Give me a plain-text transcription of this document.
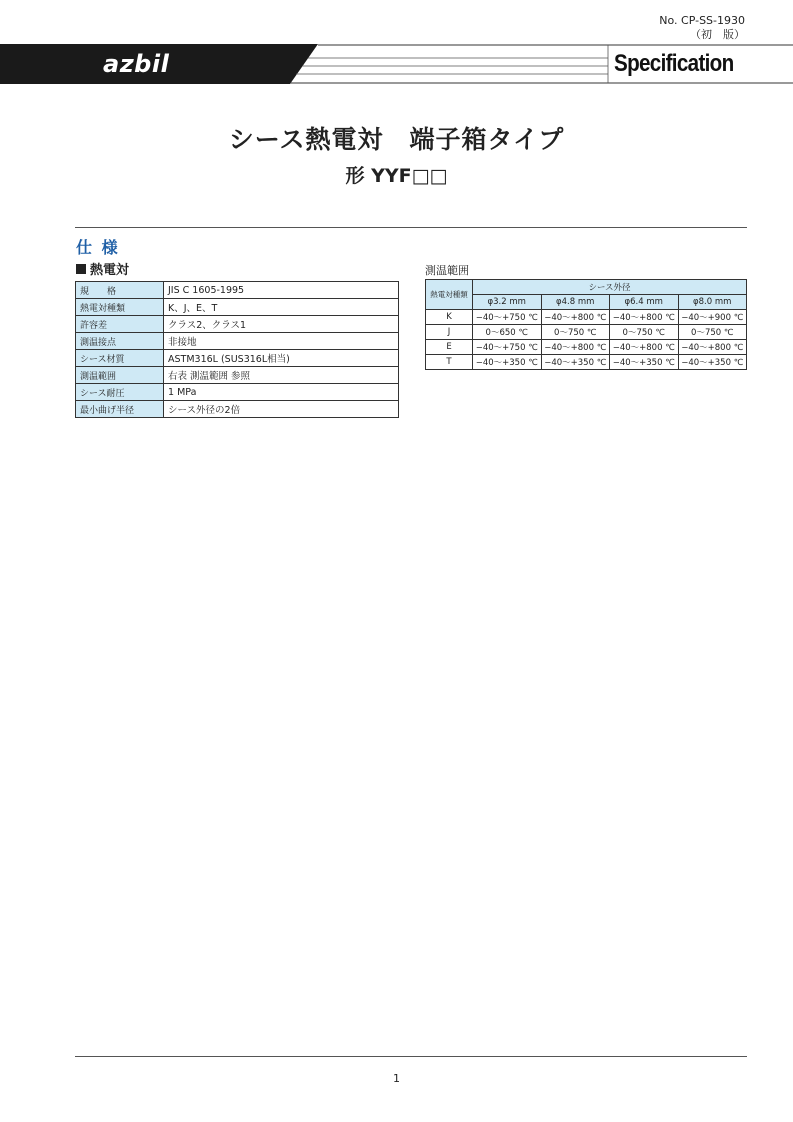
No. CP-SS-1930
（初　版）
azbil	Specification
シース熱電対　端子箱タイプ
形 YYF□□
仕 様
熱電対
規　　格	JIS C 1605-1995
熱電対種類	K、J、E、T
許容差	クラス2、クラス1
測温接点	非接地
シース材質	ASTM316L (SUS316L相当)
測温範囲	右表 測温範囲 参照
シース耐圧	1 MPa
最小曲げ半径	シース外径の2倍
測温範囲
熱電対種類	シース外径			
	φ3.2 mm	φ4.8 mm	φ6.4 mm	φ8.0 mm
K	−40～+750 ℃	−40～+800 ℃	−40～+800 ℃	−40～+900 ℃
J	0～650 ℃	0～750 ℃	0～750 ℃	0～750 ℃
E	−40～+750 ℃	−40～+800 ℃	−40～+800 ℃	−40～+800 ℃
T	−40～+350 ℃	−40～+350 ℃	−40～+350 ℃	−40～+350 ℃
1
